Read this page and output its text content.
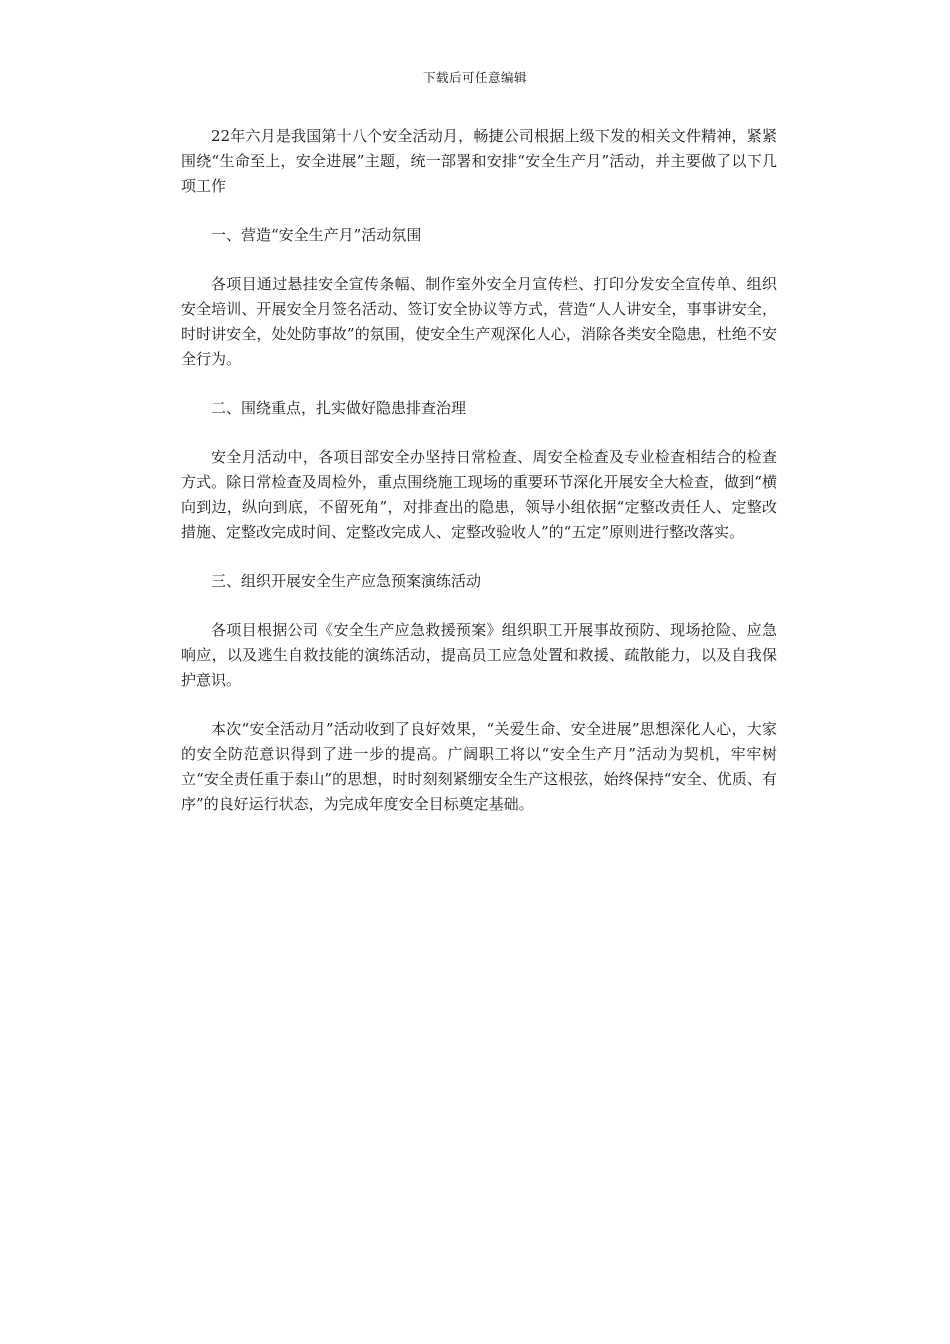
下载后可任意编辑

22年六月是我国第十八个安全活动月，畅捷公司根据上级下发的相关文件精神，紧紧围绕“生命至上，安全进展”主题，统一部署和安排“安全生产月”活动，并主要做了以下几项工作

一、营造“安全生产月”活动氛围

各项目通过悬挂安全宣传条幅、制作室外安全月宣传栏、打印分发安全宣传单、组织安全培训、开展安全月签名活动、签订安全协议等方式，营造“人人讲安全，事事讲安全，时时讲安全，处处防事故”的氛围，使安全生产观深化人心，消除各类安全隐患，杜绝不安全行为。

二、围绕重点，扎实做好隐患排查治理

安全月活动中，各项目部安全办坚持日常检查、周安全检查及专业检查相结合的检查方式。除日常检查及周检外，重点围绕施工现场的重要环节深化开展安全大检查，做到“横向到边，纵向到底，不留死角”，对排查出的隐患，领导小组依据“定整改责任人、定整改措施、定整改完成时间、定整改完成人、定整改验收人”的“五定”原则进行整改落实。

三、组织开展安全生产应急预案演练活动

各项目根据公司《安全生产应急救援预案》组织职工开展事故预防、现场抢险、应急响应，以及逃生自救技能的演练活动，提高员工应急处置和救援、疏散能力，以及自我保护意识。

本次“安全活动月”活动收到了良好效果，“关爱生命、安全进展”思想深化人心，大家的安全防范意识得到了进一步的提高。广阔职工将以“安全生产月”活动为契机，牢牢树立“安全责任重于泰山”的思想，时时刻刻紧绷安全生产这根弦，始终保持“安全、优质、有序”的良好运行状态，为完成年度安全目标奠定基础。
